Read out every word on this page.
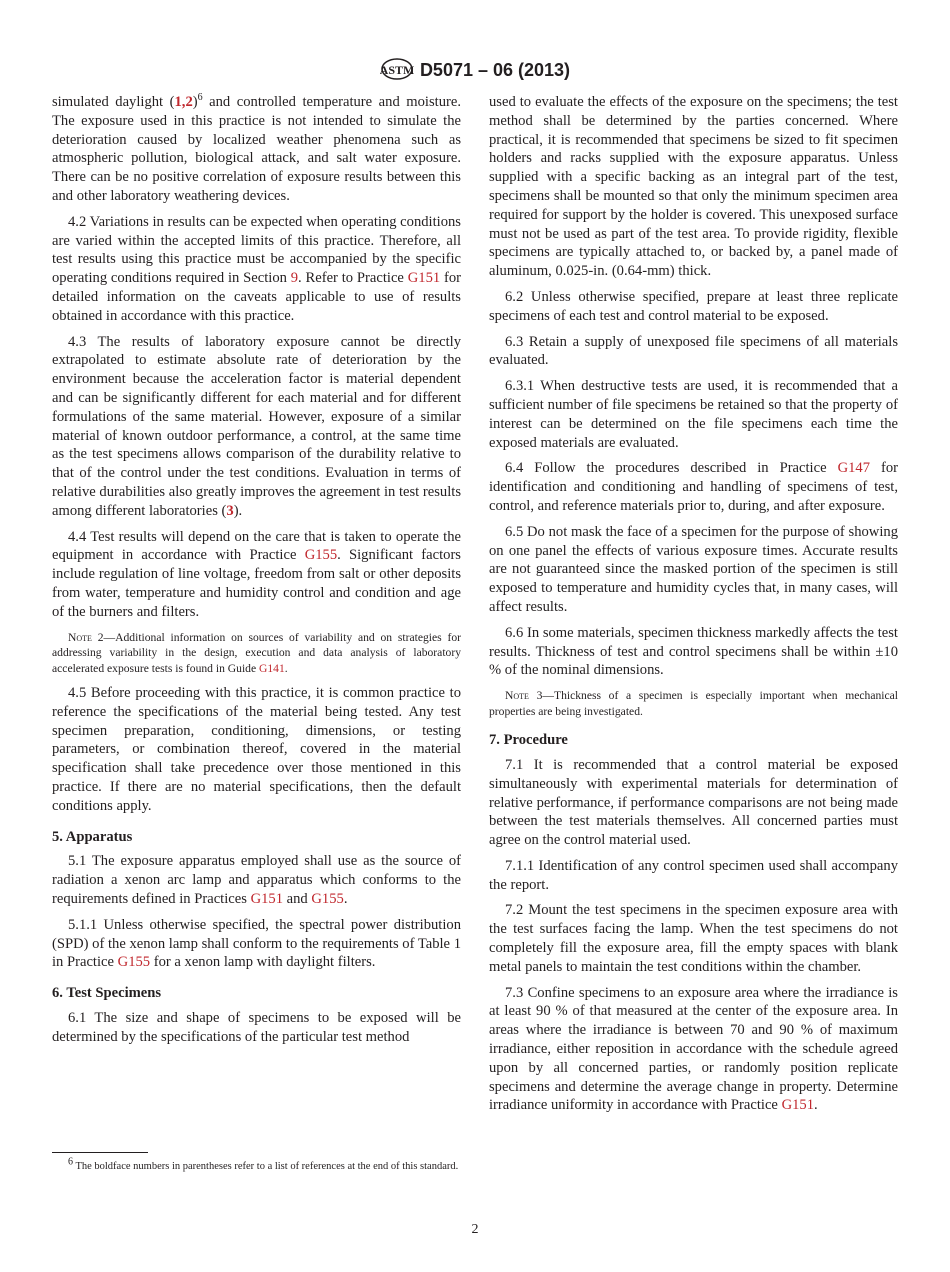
ASTM D5071 – 06 (2013)
simulated daylight $(1,2)^6$ and controlled temperature and moisture. The exposure used in this practice is not intended to simulate the deterioration caused by localized weather phenomena such as atmospheric pollution, biological attack, and salt water exposure. There can be no positive correlation of exposure results between this and other laboratory weathering devices.
4.2 Variations in results can be expected when operating conditions are varied within the accepted limits of this practice. Therefore, all test results using this practice must be accompanied by the specific operating conditions required in Section 9. Refer to Practice G151 for detailed information on the caveats applicable to use of results obtained in accordance with this practice.
4.3 The results of laboratory exposure cannot be directly extrapolated to estimate absolute rate of deterioration by the environment because the acceleration factor is material dependent and can be significantly different for each material and for different formulations of the same material. However, exposure of a similar material of known outdoor performance, a control, at the same time as the test specimens allows comparison of the durability relative to that of the control under the test conditions. Evaluation in terms of relative durabilities also greatly improves the agreement in test results among different laboratories (3).
4.4 Test results will depend on the care that is taken to operate the equipment in accordance with Practice G155. Significant factors include regulation of line voltage, freedom from salt or other deposits from water, temperature and humidity control and condition and age of the burners and filters.
Note 2—Additional information on sources of variability and on strategies for addressing variability in the design, execution and data analysis of laboratory accelerated exposure tests is found in Guide G141.
4.5 Before proceeding with this practice, it is common practice to reference the specifications of the material being tested. Any test specimen preparation, conditioning, dimensions, or testing parameters, or combination thereof, covered in the material specification shall take precedence over those mentioned in this practice. If there are no material specifications, then the default conditions apply.
5. Apparatus
5.1 The exposure apparatus employed shall use as the source of radiation a xenon arc lamp and apparatus which conforms to the requirements defined in Practices G151 and G155.
5.1.1 Unless otherwise specified, the spectral power distribution (SPD) of the xenon lamp shall conform to the requirements of Table 1 in Practice G155 for a xenon lamp with daylight filters.
6. Test Specimens
6.1 The size and shape of specimens to be exposed will be determined by the specifications of the particular test method
used to evaluate the effects of the exposure on the specimens; the test method shall be determined by the parties concerned. Where practical, it is recommended that specimens be sized to fit specimen holders and racks supplied with the exposure apparatus. Unless supplied with a specific backing as an integral part of the test, specimens shall be mounted so that only the minimum specimen area required for support by the holder is covered. This unexposed surface must not be used as part of the test area. To provide rigidity, flexible specimens are typically attached to, or backed by, a panel made of aluminum, 0.025-in. (0.64-mm) thick.
6.2 Unless otherwise specified, prepare at least three replicate specimens of each test and control material to be exposed.
6.3 Retain a supply of unexposed file specimens of all materials evaluated.
6.3.1 When destructive tests are used, it is recommended that a sufficient number of file specimens be retained so that the property of interest can be determined on the file specimens each time the exposed materials are evaluated.
6.4 Follow the procedures described in Practice G147 for identification and conditioning and handling of specimens of test, control, and reference materials prior to, during, and after exposure.
6.5 Do not mask the face of a specimen for the purpose of showing on one panel the effects of various exposure times. Accurate results are not guaranteed since the masked portion of the specimen is still exposed to temperature and humidity cycles that, in many cases, will affect results.
6.6 In some materials, specimen thickness markedly affects the test results. Thickness of test and control specimens shall be within ±10 % of the nominal dimensions.
Note 3—Thickness of a specimen is especially important when mechanical properties are being investigated.
7. Procedure
7.1 It is recommended that a control material be exposed simultaneously with experimental materials for determination of relative performance, if performance comparisons are not being made between the test materials themselves. All concerned parties must agree on the control material used.
7.1.1 Identification of any control specimen used shall accompany the report.
7.2 Mount the test specimens in the specimen exposure area with the test surfaces facing the lamp. When the test specimens do not completely fill the exposure area, fill the empty spaces with blank metal panels to maintain the test conditions within the chamber.
7.3 Confine specimens to an exposure area where the irradiance is at least 90 % of that measured at the center of the exposure area. In areas where the irradiance is between 70 and 90 % of maximum irradiance, either reposition in accordance with the schedule agreed upon by all concerned parties, or randomly position replicate specimens and determine the average change in property. Determine irradiance uniformity in accordance with Practice G151.
$^6$ The boldface numbers in parentheses refer to a list of references at the end of this standard.
2
